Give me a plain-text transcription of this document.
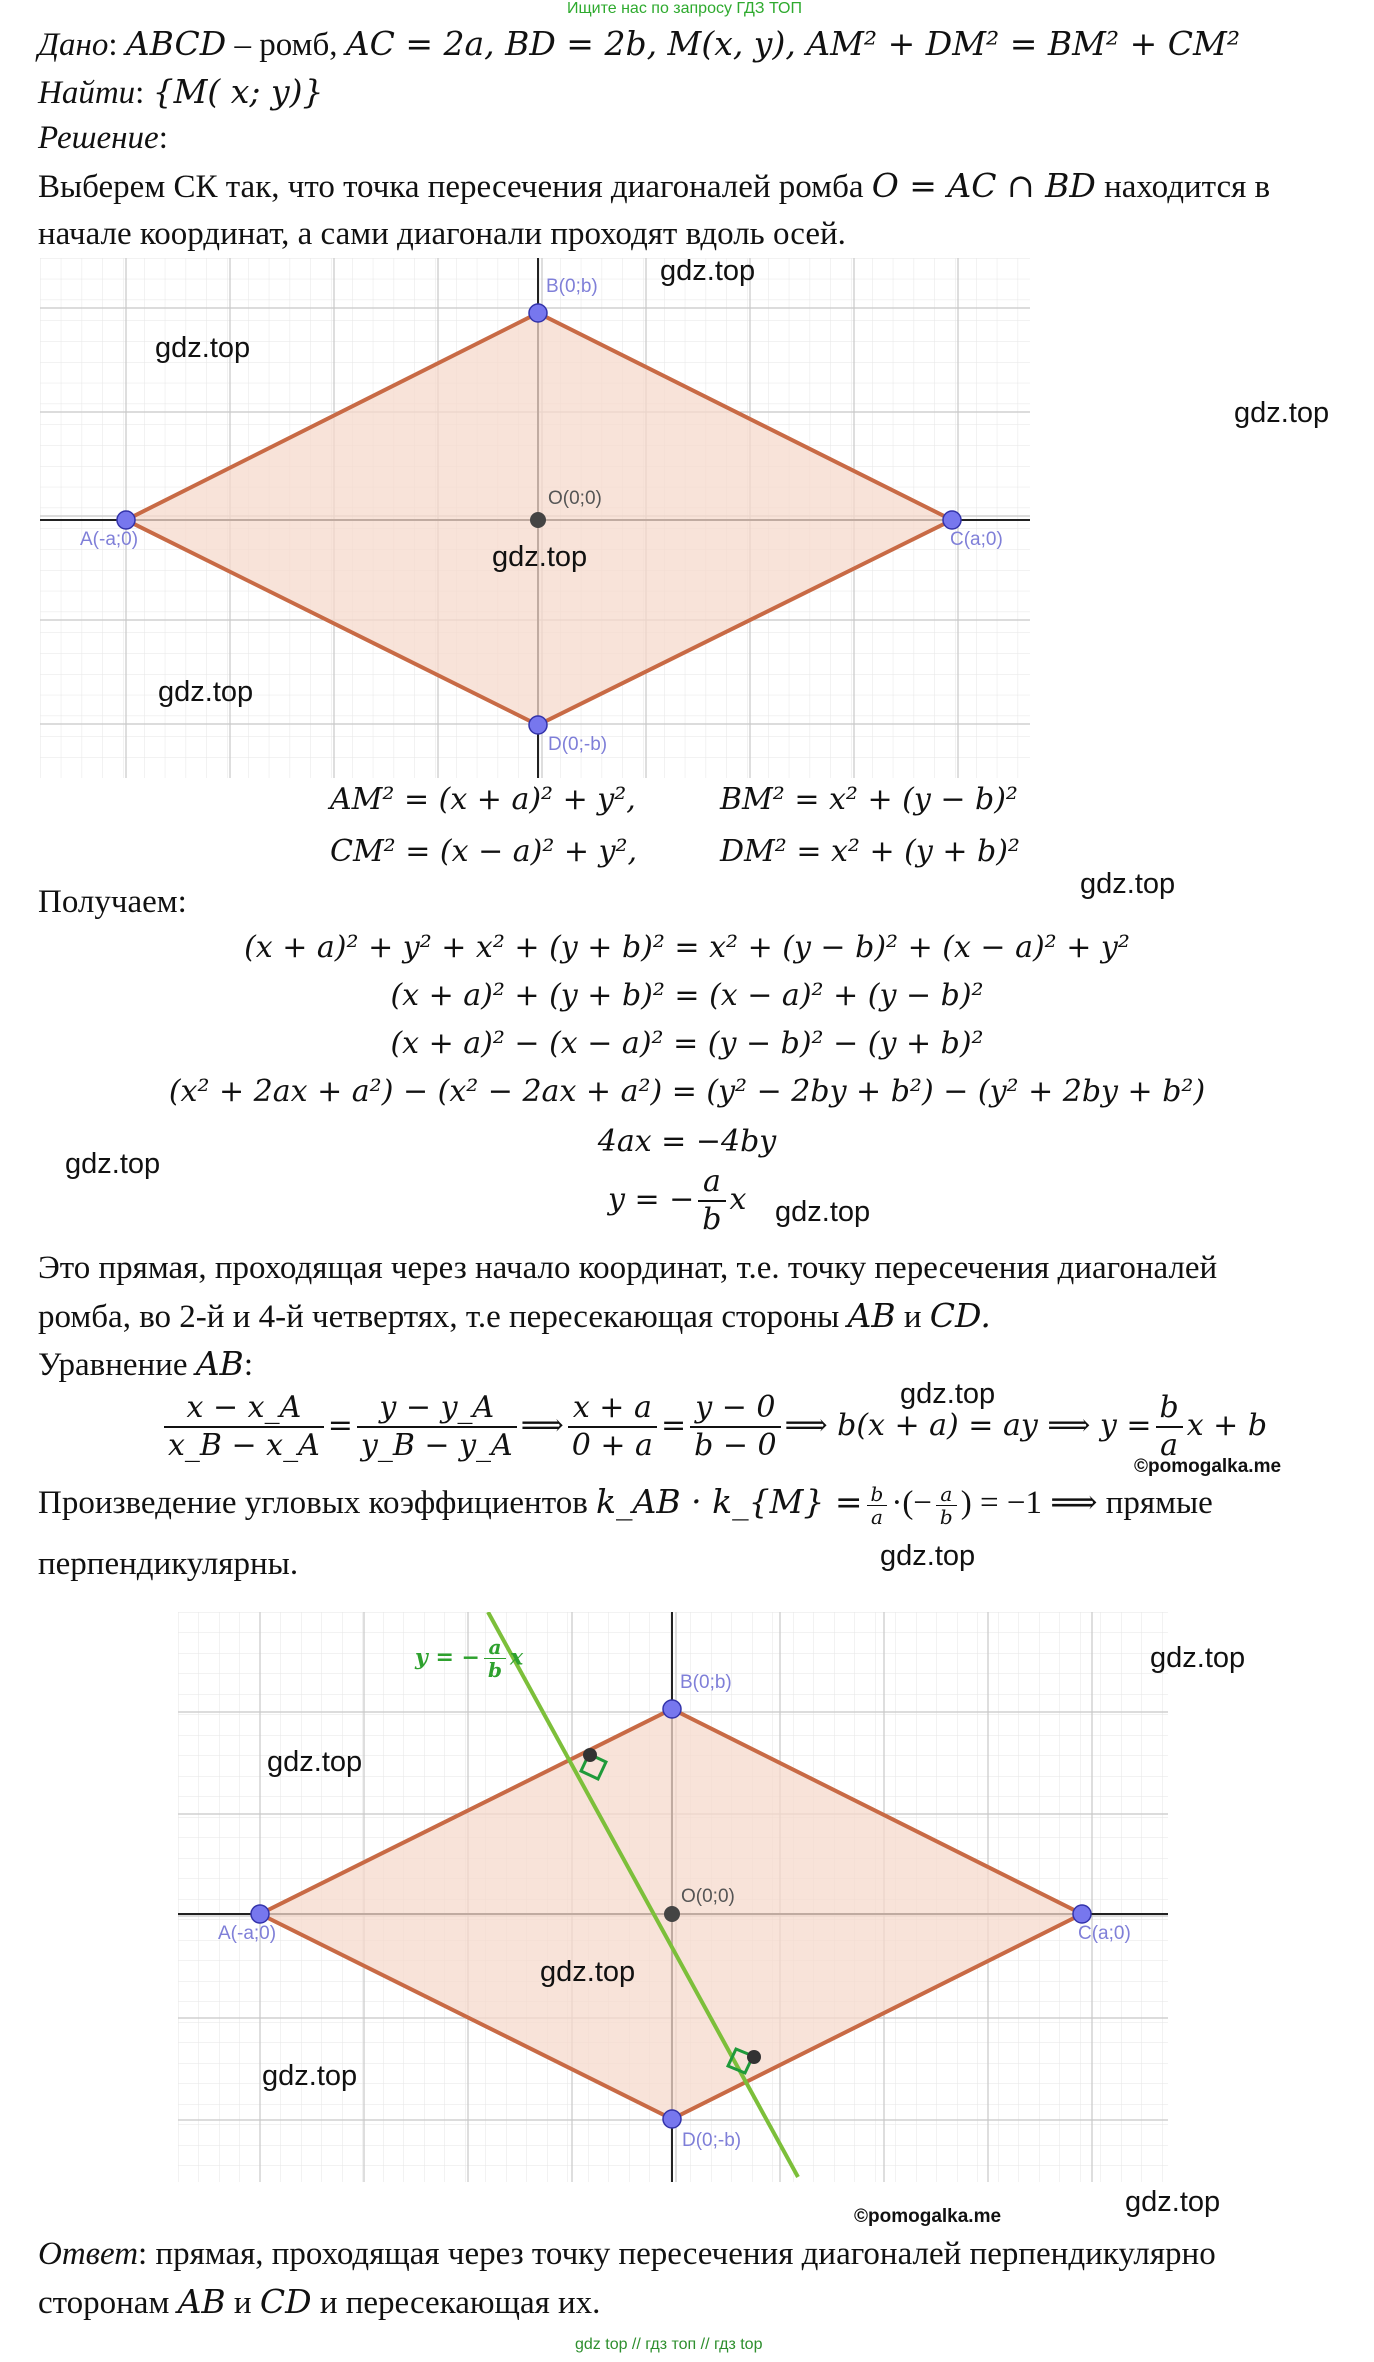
Ищите нас по запросу ГДЗ ТОП
Дано: ABCD – ромб, AC = 2a, BD = 2b, M(x, y), AM² + DM² = BM² + CM²
Найти: {M( x; y)}
Решение:
Выберем СК так, что точка пересечения диагоналей ромба O = AC ∩ BD находится в
начале координат, а сами диагонали проходят вдоль осей.
B(0;b)
O(0;0)
A(-a;0)	C(a;0)
D(0;-b)
gdz.top
gdz.top
gdz.top
gdz.top
gdz.top
AM² = (x + a)² + y²,	BM² = x² + (y − b)²
CM² = (x − a)² + y²,	DM² = x² + (y + b)²
gdz.top
Получаем:
(x + a)² + y² + x² + (y + b)² = x² + (y − b)² + (x − a)² + y²
(x + a)² + (y + b)² = (x − a)² + (y − b)²
(x + a)² − (x − a)² = (y − b)² − (y + b)²
(x² + 2ax + a²) − (x² − 2ax + a²) = (y² − 2by + b²) − (y² + 2by + b²)
4ax = −4by
gdz.top
y = − $\frac{a}{b}$ x gdz.top
Это прямая, проходящая через начало координат, т.е. точку пересечения диагоналей
ромба, во 2-й и 4-й четвертях, т.е пересекающая стороны AB и CD.
Уравнение AB:
gdz.top
$\frac{x - x\_A}{x\_B - x\_A} = \frac{y - y\_A}{y\_B - y\_A}$ ⟹ $\frac{x + a}{0 + a} = \frac{y - 0}{b - 0}$ ⟹ b(x + a) = ay ⟹ $y = \frac{b}{a}$ x + b
©pomogalka.me
Произведение угловых коэффициентов k_AB · k_{M} = $\frac{b}{a}$ ·(− $\frac{a}{b}$ ) = −1 ⟹ прямые
перпендикулярны.	gdz.top
B(0;b)
O(0;0)
A(-a;0)	C(a;0)
D(0;-b)
y = − $\frac{a}{b}$ x	gdz.top
gdz.top
gdz.top
gdz.top
gdz.top
©pomogalka.me
Ответ: прямая, проходящая через точку пересечения диагоналей перпендикулярно
сторонам AB и CD и пересекающая их.
gdz top // гдз топ // гдз top
